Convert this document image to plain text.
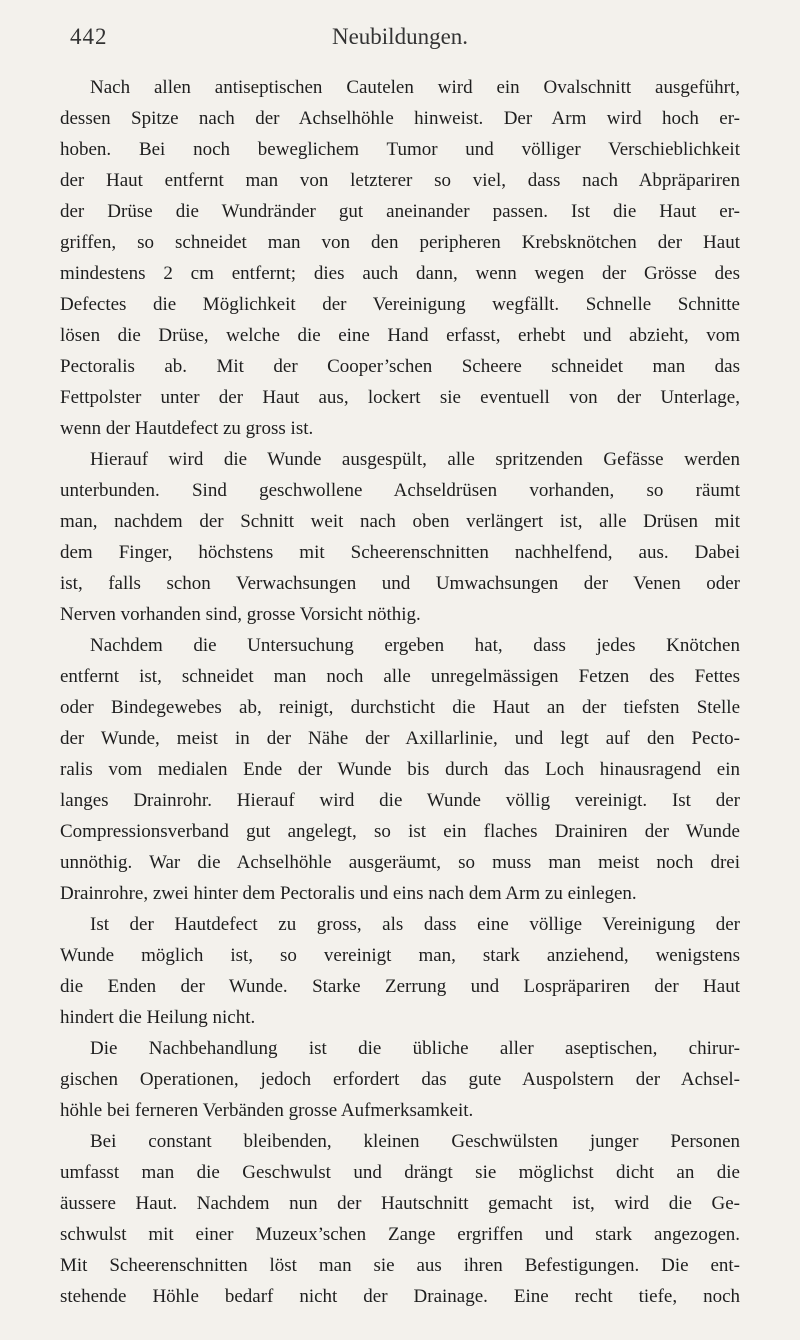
442	Neubildungen.
Nach allen antiseptischen Cautelen wird ein Ovalschnitt ausgeführt,
dessen Spitze nach der Achselhöhle hinweist. Der Arm wird hoch er-
hoben. Bei noch beweglichem Tumor und völliger Verschieblichkeit
der Haut entfernt man von letzterer so viel, dass nach Abpräpariren
der Drüse die Wundränder gut aneinander passen. Ist die Haut er-
griffen, so schneidet man von den peripheren Krebsknötchen der Haut
mindestens 2 cm entfernt; dies auch dann, wenn wegen der Grösse des
Defectes die Möglichkeit der Vereinigung wegfällt. Schnelle Schnitte
lösen die Drüse, welche die eine Hand erfasst, erhebt und abzieht, vom
Pectoralis ab. Mit der Cooper’schen Scheere schneidet man das
Fettpolster unter der Haut aus, lockert sie eventuell von der Unterlage,
wenn der Hautdefect zu gross ist.
Hierauf wird die Wunde ausgespült, alle spritzenden Gefässe werden
unterbunden. Sind geschwollene Achseldrüsen vorhanden, so räumt
man, nachdem der Schnitt weit nach oben verlängert ist, alle Drüsen mit
dem Finger, höchstens mit Scheerenschnitten nachhelfend, aus. Dabei
ist, falls schon Verwachsungen und Umwachsungen der Venen oder
Nerven vorhanden sind, grosse Vorsicht nöthig.
Nachdem die Untersuchung ergeben hat, dass jedes Knötchen
entfernt ist, schneidet man noch alle unregelmässigen Fetzen des Fettes
oder Bindegewebes ab, reinigt, durchsticht die Haut an der tiefsten Stelle
der Wunde, meist in der Nähe der Axillarlinie, und legt auf den Pecto-
ralis vom medialen Ende der Wunde bis durch das Loch hinausragend ein
langes Drainrohr. Hierauf wird die Wunde völlig vereinigt. Ist der
Compressionsverband gut angelegt, so ist ein flaches Drainiren der Wunde
unnöthig. War die Achselhöhle ausgeräumt, so muss man meist noch drei
Drainrohre, zwei hinter dem Pectoralis und eins nach dem Arm zu einlegen.
Ist der Hautdefect zu gross, als dass eine völlige Vereinigung der
Wunde möglich ist, so vereinigt man, stark anziehend, wenigstens
die Enden der Wunde. Starke Zerrung und Lospräpariren der Haut
hindert die Heilung nicht.
Die Nachbehandlung ist die übliche aller aseptischen, chirur-
gischen Operationen, jedoch erfordert das gute Auspolstern der Achsel-
höhle bei ferneren Verbänden grosse Aufmerksamkeit.
Bei constant bleibenden, kleinen Geschwülsten junger Personen
umfasst man die Geschwulst und drängt sie möglichst dicht an die
äussere Haut. Nachdem nun der Hautschnitt gemacht ist, wird die Ge-
schwulst mit einer Muzeux’schen Zange ergriffen und stark angezogen.
Mit Scheerenschnitten löst man sie aus ihren Befestigungen. Die ent-
stehende Höhle bedarf nicht der Drainage. Eine recht tiefe, noch
